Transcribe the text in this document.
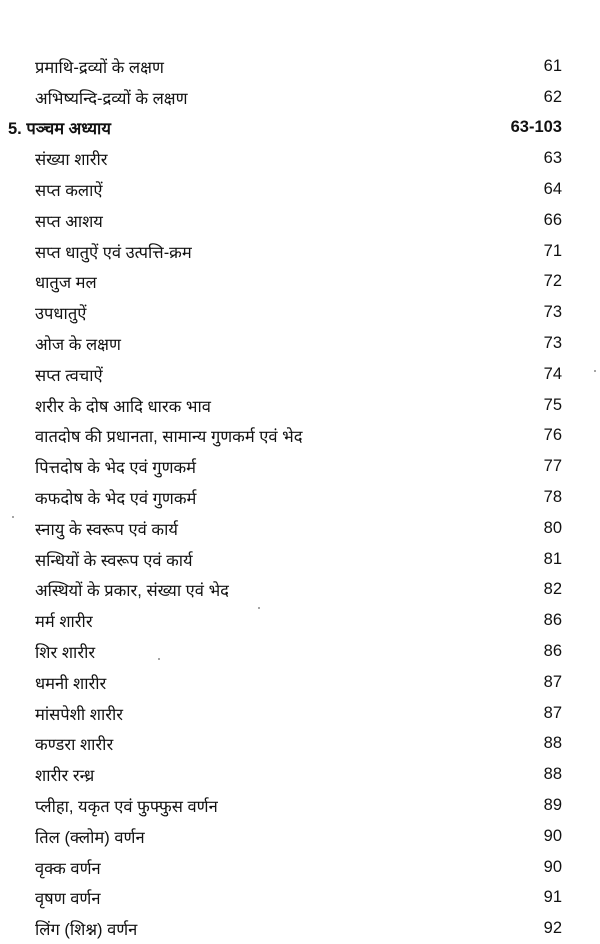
प्रमाथि-द्रव्यों के लक्षण	61
अभिष्यन्दि-द्रव्यों के लक्षण	62
5. पञ्चम अध्याय	63-103
संख्या शारीर	63
सप्त कलाऐं	64
सप्त आशय	66
सप्त धातुऐं एवं उत्पत्ति-क्रम	71
धातुज मल	72
उपधातुऐं	73
ओज के लक्षण	73
सप्त त्वचाऐं	74
शरीर के दोष आदि धारक भाव	75
वातदोष की प्रधानता, सामान्य गुणकर्म एवं भेद	76
पित्तदोष के भेद एवं गुणकर्म	77
कफदोष के भेद एवं गुणकर्म	78
स्नायु के स्वरूप एवं कार्य	80
सन्धियों के स्वरूप एवं कार्य	81
अस्थियों के प्रकार, संख्या एवं भेद	82
मर्म शारीर	86
शिर शारीर	86
धमनी शारीर	87
मांसपेशी शारीर	87
कण्डरा शारीर	88
शारीर रन्ध्र	88
प्लीहा, यकृत एवं फुफ्फुस वर्णन	89
तिल (क्लोम) वर्णन	90
वृक्क वर्णन	90
वृषण वर्णन	91
लिंग (शिश्न) वर्णन	92
